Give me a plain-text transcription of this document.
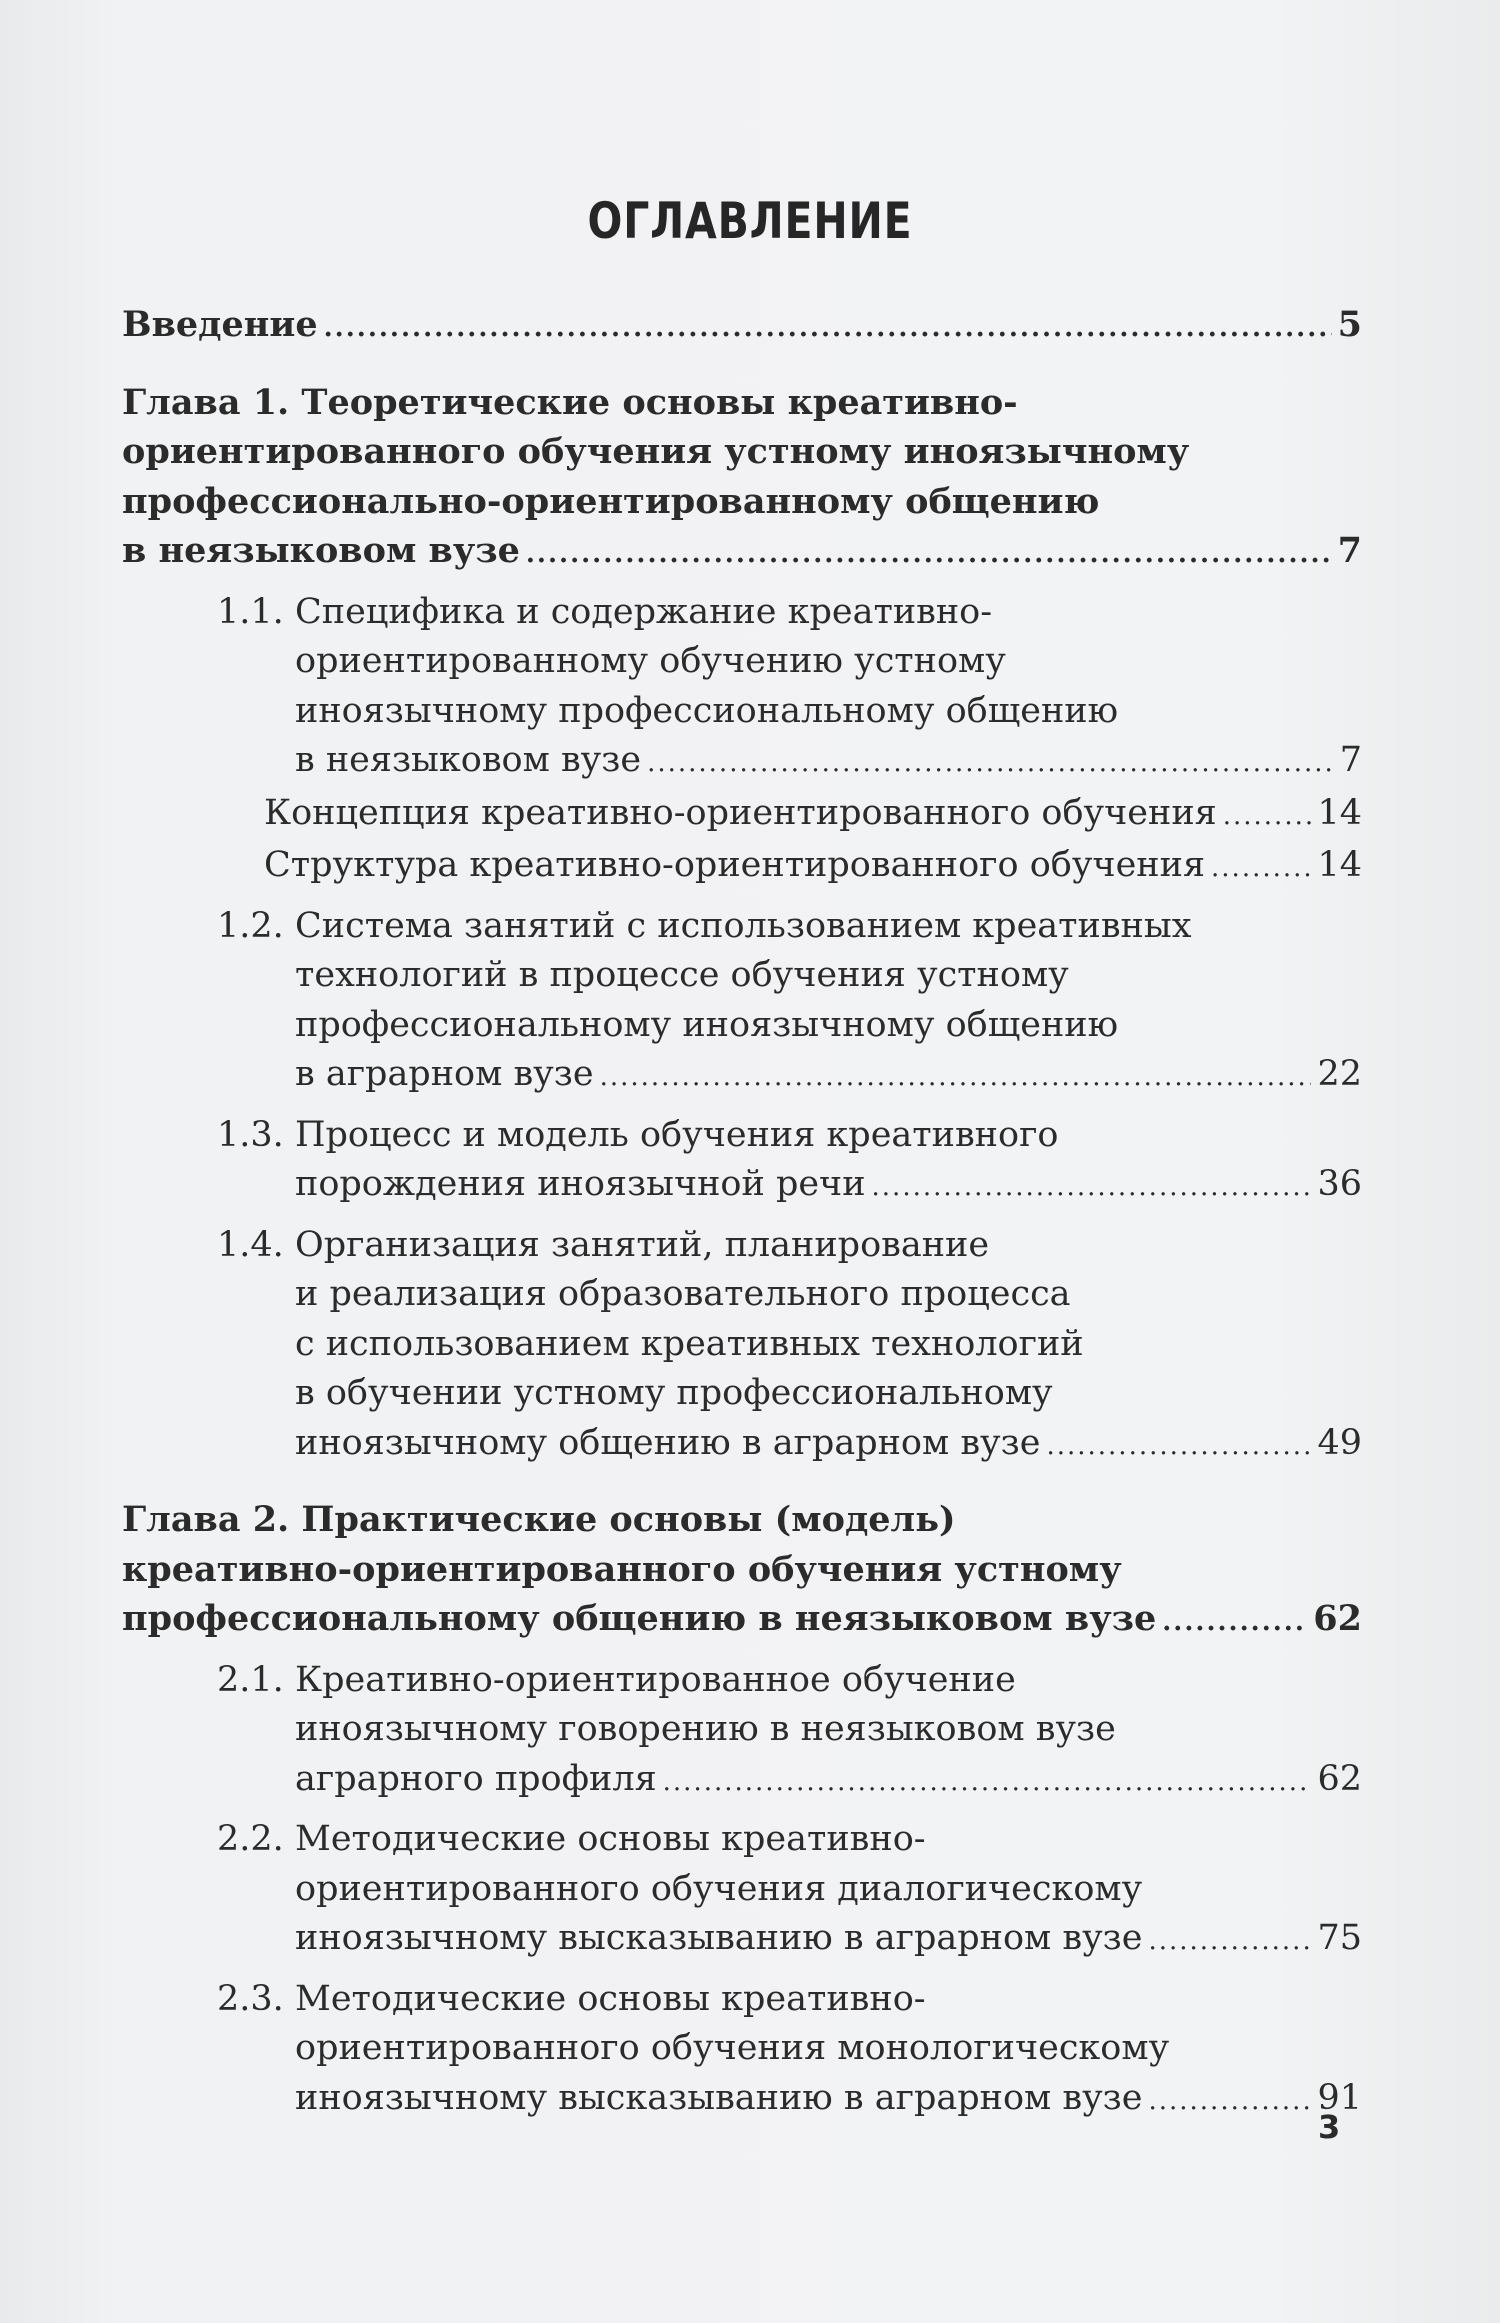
ОГЛАВЛЕНИЕ
Введение .....	5
Глава 1. Теоретические основы креативно-
ориентированного обучения устному иноязычному
профессионально-ориентированному общению
в неязыковом вузе .....	7
1.1. Специфика и содержание креативно-
ориентированному обучению устному
иноязычному профессиональному общению
в неязыковом вузе .....	7
Концепция креативно-ориентированного обучения .....	14
Структура креативно-ориентированного обучения .....	14
1.2. Система занятий с использованием креативных
технологий в процессе обучения устному
профессиональному иноязычному общению
в аграрном вузе .....	22
1.3. Процесс и модель обучения креативного
порождения иноязычной речи .....	36
1.4. Организация занятий, планирование
и реализация образовательного процесса
с использованием креативных технологий
в обучении устному профессиональному
иноязычному общению в аграрном вузе .....	49
Глава 2. Практические основы (модель)
креативно-ориентированного обучения устному
профессиональному общению в неязыковом вузе .....	62
2.1. Креативно-ориентированное обучение
иноязычному говорению в неязыковом вузе
аграрного профиля .....	62
2.2. Методические основы креативно-
ориентированного обучения диалогическому
иноязычному высказыванию в аграрном вузе .....	75
2.3. Методические основы креативно-
ориентированного обучения монологическому
иноязычному высказыванию в аграрном вузе .....	91
3
